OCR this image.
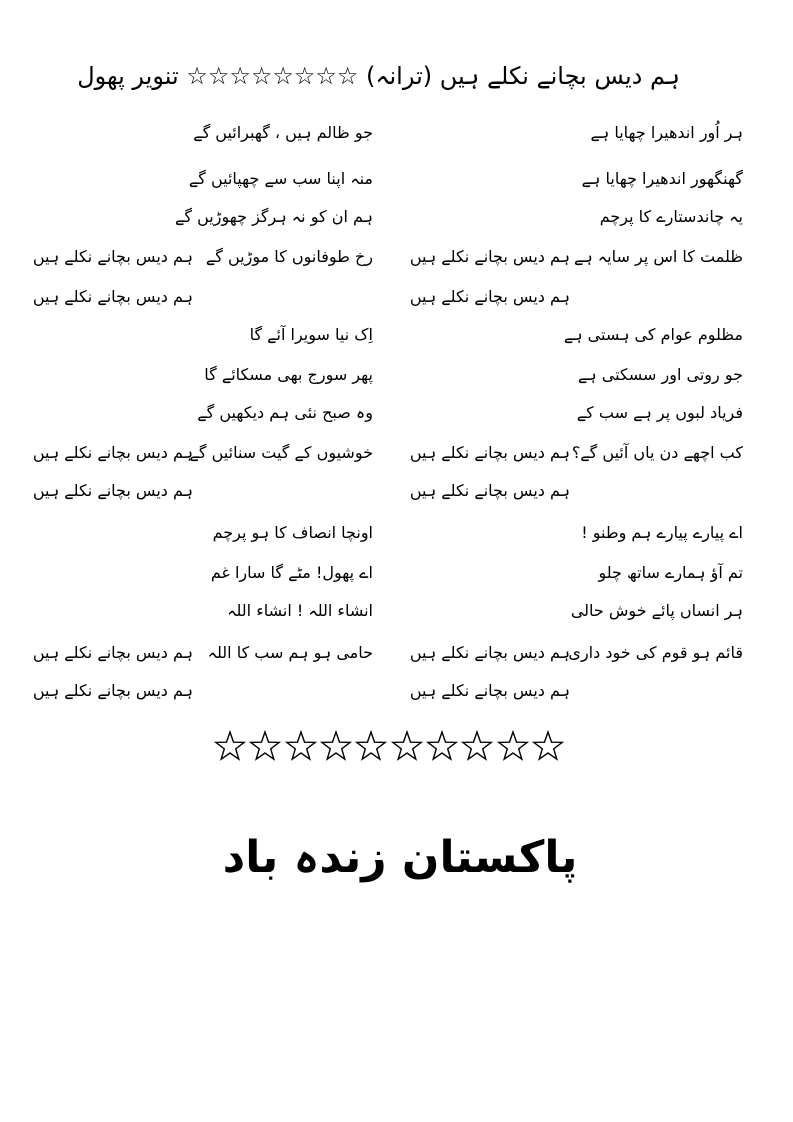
ہم دیس بچانے نکلے ہیں (ترانہ) ☆☆☆☆☆☆☆☆ تنویر پھول
ہر اُور اندھیرا چھایا ہے
جو ظالم ہیں ، گھبرائیں گے
گھنگھور اندھیرا چھایا ہے
منہ اپنا سب سے چھپائیں گے
یہ چاندستارے کا پرچم
ہم ان کو نہ ہرگز چھوڑیں گے
ظلمت کا اس پر سایہ ہے
ہم دیس بچانے نکلے ہیں
رخ طوفانوں کا موڑیں گے
ہم دیس بچانے نکلے ہیں
ہم دیس بچانے نکلے ہیں
ہم دیس بچانے نکلے ہیں
مظلوم عوام کی ہستی ہے
اِک نیا سویرا آئے گا
جو روتی اور سسکتی ہے
پھر سورج بھی مسکائے گا
فریاد لبوں پر ہے سب کے
وہ صبح نئی ہم دیکھیں گے
کب اچھے دن یاں آئیں گے؟
ہم دیس بچانے نکلے ہیں
خوشیوں کے گیت سنائیں گے
ہم دیس بچانے نکلے ہیں
ہم دیس بچانے نکلے ہیں
ہم دیس بچانے نکلے ہیں
اے پیارے پیارے ہم وطنو !
اونچا انصاف کا ہو پرچم
تم آؤ ہمارے ساتھ چلو
اے پھول! مٹے گا سارا غم
ہر انساں پائے خوش حالی
انشاء اللہ ! انشاء اللہ
قائم ہو قوم کی خود داری
ہم دیس بچانے نکلے ہیں
حامی ہو ہم سب کا اللہ
ہم دیس بچانے نکلے ہیں
ہم دیس بچانے نکلے ہیں
ہم دیس بچانے نکلے ہیں
پاکستان زندہ باد
